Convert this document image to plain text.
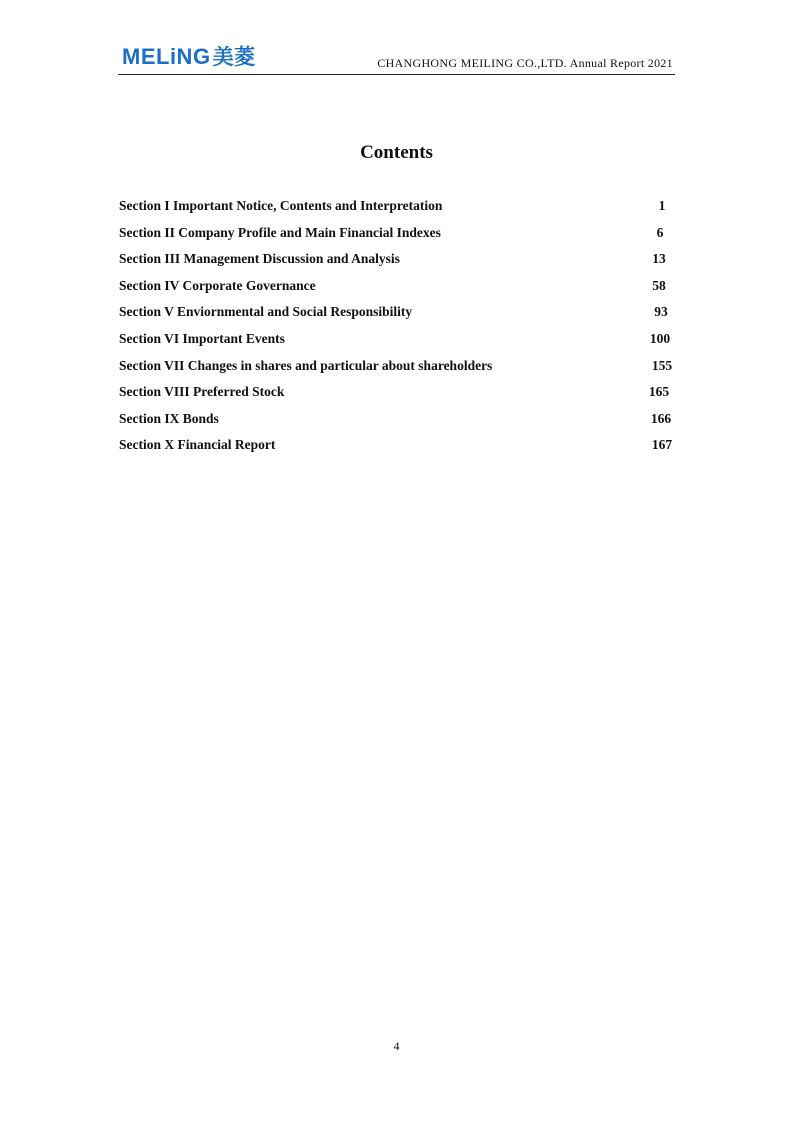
MELiNG美菱	CHANGHONG MEILING CO.,LTD. Annual Report 2021
Contents
Section I Important Notice, Contents and Interpretation	1
Section II Company Profile and Main Financial Indexes	6
Section III Management Discussion and Analysis	13
Section IV Corporate Governance	58
Section V Enviornmental and Social Responsibility	93
Section VI Important Events	100
Section VII Changes in shares and particular about shareholders	155
Section VIII Preferred Stock	165
Section IX Bonds	166
Section X Financial Report	167
4
